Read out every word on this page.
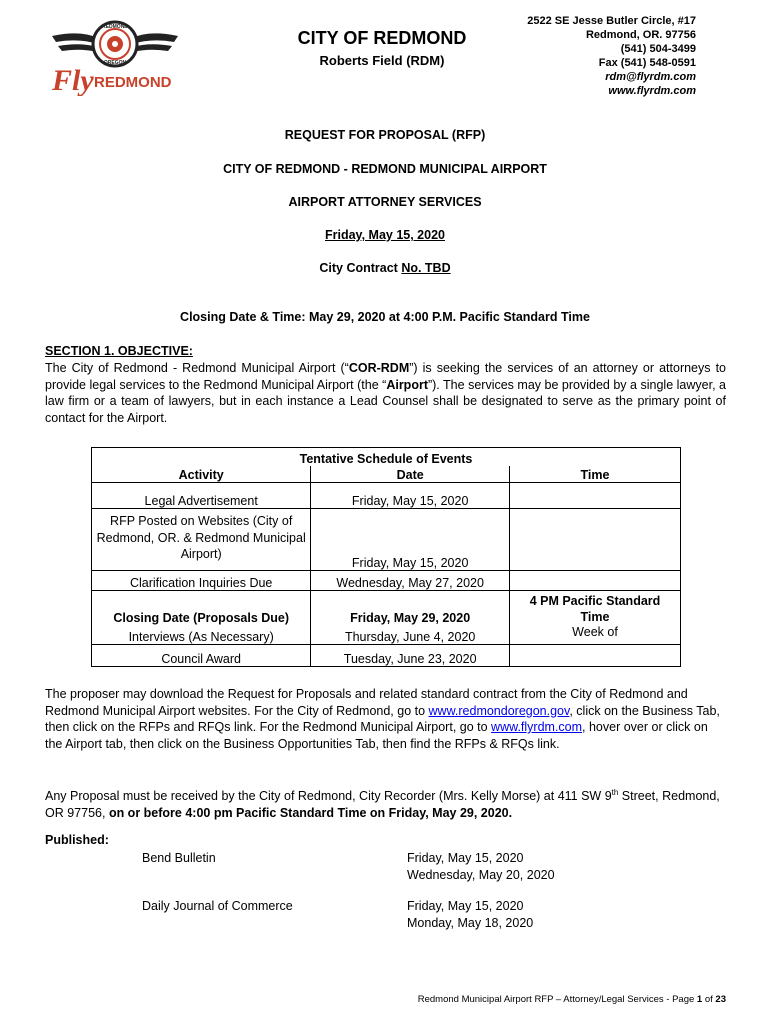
REDMOND
OREGON
Fly REDMOND
CITY OF REDMOND
Roberts Field (RDM)
2522 SE Jesse Butler Circle, #17
Redmond, OR. 97756
(541) 504-3499
Fax (541) 548-0591
rdm@flyrdm.com
www.flyrdm.com
REQUEST FOR PROPOSAL (RFP)
CITY OF REDMOND - REDMOND MUNICIPAL AIRPORT
AIRPORT ATTORNEY SERVICES
Friday, May 15, 2020
City Contract No. TBD
Closing Date & Time: May 29, 2020 at 4:00 P.M. Pacific Standard Time
SECTION 1. OBJECTIVE:
The City of Redmond - Redmond Municipal Airport (“COR-RDM”) is seeking the services of an attorney or attorneys to provide legal services to the Redmond Municipal Airport (the “Airport”). The services may be provided by a single lawyer, a law firm or a team of lawyers, but in each instance a Lead Counsel shall be designated to serve as the primary point of contact for the Airport.
Tentative Schedule of Events		
Activity	Date	Time
Legal Advertisement	Friday, May 15, 2020	
RFP Posted on Websites (City of Redmond, OR. & Redmond Municipal Airport)	Friday, May 15, 2020	
Clarification Inquiries Due	Wednesday, May 27, 2020	
Closing Date (Proposals Due)	Friday, May 29, 2020	4 PM Pacific Standard Time
Interviews (As Necessary)	Thursday, June 4, 2020	Week of
Council Award	Tuesday, June 23, 2020	
The proposer may download the Request for Proposals and related standard contract from the City of Redmond and Redmond Municipal Airport websites. For the City of Redmond, go to www.redmondoregon.gov, click on the Business Tab, then click on the RFPs and RFQs link. For the Redmond Municipal Airport, go to www.flyrdm.com, hover over or click on the Airport tab, then click on the Business Opportunities Tab, then find the RFPs & RFQs link.
Any Proposal must be received by the City of Redmond, City Recorder (Mrs. Kelly Morse) at 411 SW 9th Street, Redmond, OR 97756, on or before 4:00 pm Pacific Standard Time on Friday, May 29, 2020.
Published:
Bend Bulletin	Friday, May 15, 2020
Wednesday, May 20, 2020
Daily Journal of Commerce	Friday, May 15, 2020
Monday, May 18, 2020
Redmond Municipal Airport RFP – Attorney/Legal Services - Page 1 of 23
